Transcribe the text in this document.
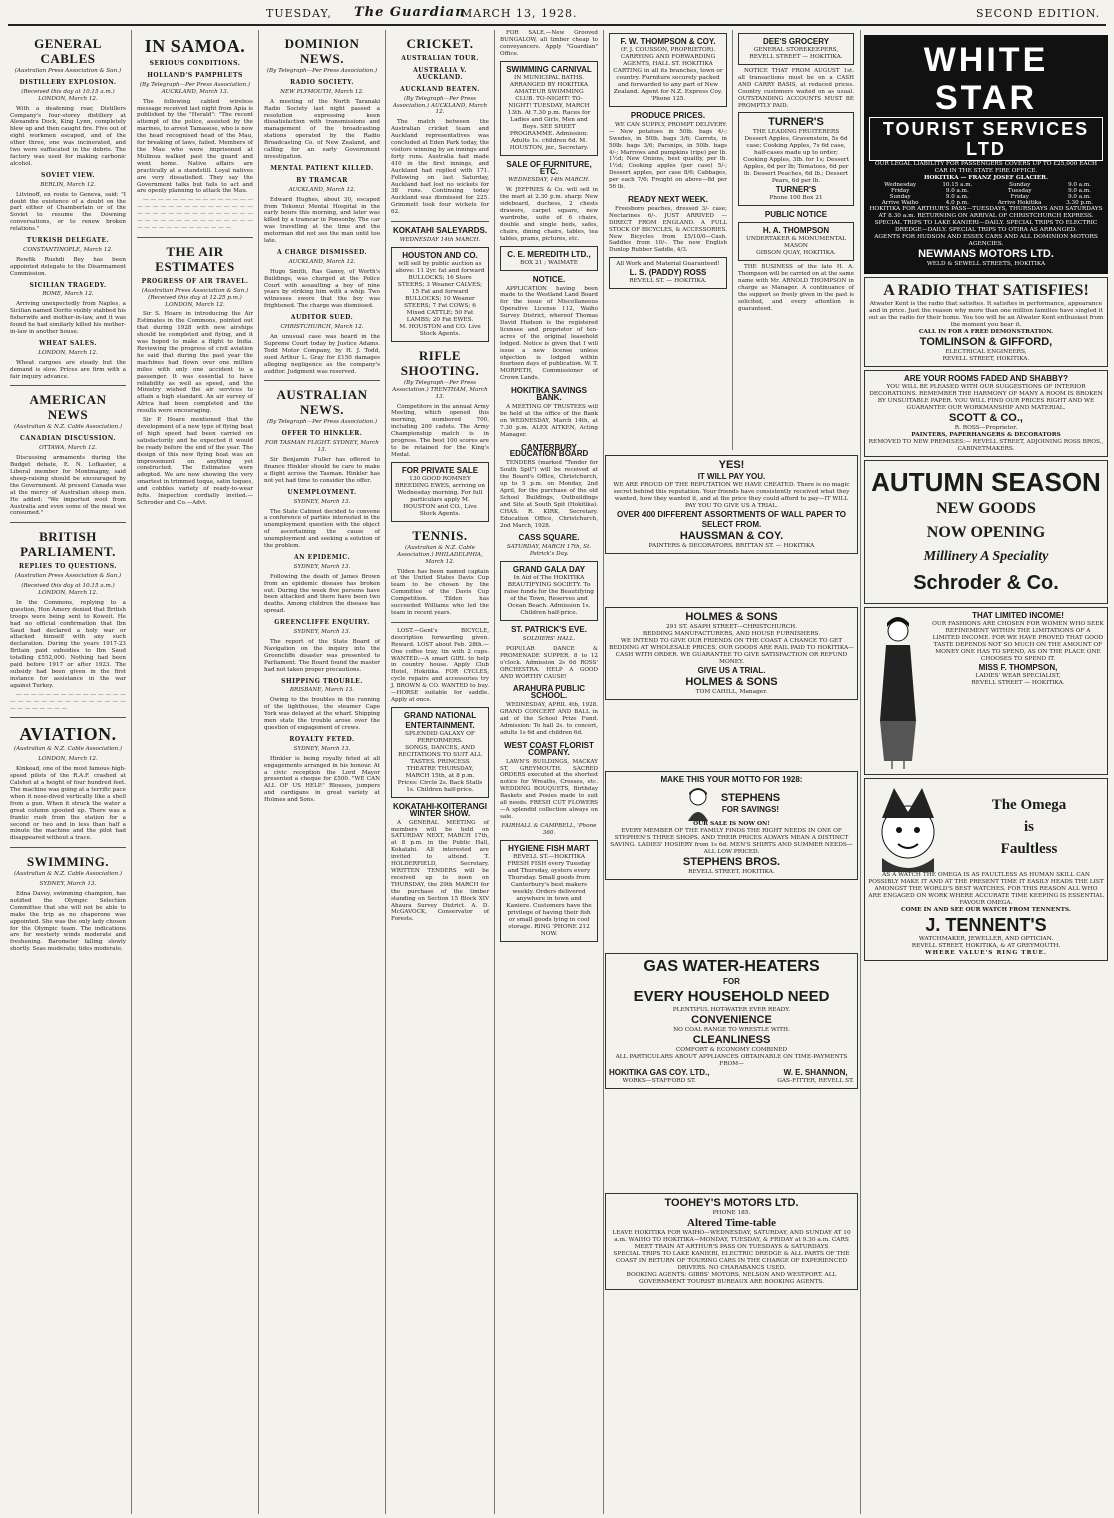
TUESDAY, The Guardian
MARCH 13, 1928.	SECOND EDITION.
GENERAL CABLES
(Australian Press Association & Sun.)
DISTILLERY EXPLOSION.
(Received this day at 10.15 a.m.) LONDON, March 12.

With a deafening roar, Distillers Company's four-storey distillery at Alexandra Dock, King Lynn, completely blew up and then caught fire. Five out of eight workmen escaped, and of the other three, one was incinerated, and two were suffocated in the debris. The factory was used for making carbonic alcohol.

SOVIET VIEW.
BERLIN, March 12.

Litvinoff, en route to Geneva, said: "I doubt the existence of a doubt on the part either of Chamberlain or of the Soviet to resume the Downing conversations, or to renew broken relations."

TURKISH DELEGATE.
CONSTANTINOPLE, March 12.

Rewfik Rushdi Bey has been appointed delegate to the Disarmament Commission.

SICILIAN TRAGEDY.
ROME, March 12.

Arriving unexpectedly from Naples, a Sicilian named Dorito visibly stabbed his fisherwife and mother-in-law, and it was found he had similarly killed his mother-in-law in another house.

WHEAT SALES.
LONDON, March 12.

Wheat cargoes are steady but the demand is slow. Prices are firm with a fair inquiry advance.

AMERICAN NEWS
(Australian & N.Z. Cable Association.)
CANADIAN DISCUSSION.
OTTAWA, March 12.

Discussing armaments during the Budget debate, E. N. Lofkaster, a Liberal member for Montmagny, said sheep-raising should be encouraged by the Government. At present Canada was at the mercy of Australian sheep men. He added: "We imported wool from Australia and even some of the meat we consumed."

BRITISH PARLIAMENT.
REPLIES TO QUESTIONS.
(Australian Press Association & Sun.)
(Received this day at 10.15 a.m.) LONDON, March 12.

In the Commons, replying to a question, Hon Amery denied that British troops were being sent to Koweit. He had no official confirmation that Ibn Saud had declared a holy war or attacked himself with any such declaration. During the years 1917-23 Britain paid subsidies to Ibn Saud totalling £552,000. Nothing had been paid before 1917 or after 1923. The subsidy had been given in the first instance for assistance in the war against Turkey.

— — — — — — — — — — — — — — — — — — — — — — — — — — — — — — — — — — — — — —

AVIATION.
(Australian & N.Z. Cable Association.)
LONDON, March 12.

Kinkead, one of the most famous high-speed pilots of the R.A.F. crashed at Calshot at a height of four hundred feet. The machine was going at a terrific pace when it nose-dived vertically like a shell from a gun. When it struck the water a great column spouted up. There was a frantic rush from the station for a second or two and in less than half a minute the machine and the pilot had disappeared without a trace.

SWIMMING.
(Australian & N.Z. Cable Association.)
SYDNEY, March 13.

Edna Davey, swimming champion, has notified the Olympic Selection Committee that she will not be able to make the trip as no chaperone was appointed. She was the only lady chosen for the Olympic team. The indications are for westerly winds moderate and freshening. Barometer falling slowly shortly. Seas moderate; tides moderate.

IN SAMOA.
SERIOUS CONDITIONS.
HOLLAND'S PAMPHLETS
(By Telegraph—Per Press Association.) AUCKLAND, March 13.

The following cabled wireless message received last night from Apia is published by the "Herald": "The recent attempt of the police, assisted by the marines, to arrest Tamasese, who is now the head recognised head of the Mau, for breaking of laws, failed. Members of the Mau who were imprisoned at Mulinuu walked past the guard and went home. Native affairs are practically at a standstill. Loyal natives are very dissatisfied. They say the Government talks but fails to act and are openly planning to attack the Mau.

— — — — — — — — — — — — — — — — — — — — — — — — — — — — — — — — — — — — — — — — — — — — — — — — — — — — — — — — — — — — — — — — — — — — — — — — —

THE AIR ESTIMATES
PROGRESS OF AIR TRAVEL.
(Australian Press Association & Sun.) (Received this day at 12.25 p.m.) LONDON, March 12.

Sir S. Hoare in introducing the Air Estimates in the Commons, pointed out that during 1928 with new airships should be completed and flying, and it was hoped to make a flight to India. Reviewing the progress of civil aviation he said that during the past year the machines had flown over one million miles with only one accident to a passenger. It was essential to have reliability as well as speed, and the Ministry wished the air services to attain a high standard. An air survey of Africa had been completed and the results were encouraging.

Sir P. Hoare mentioned that the development of a new type of flying boat of high speed had been carried on satisfactorily and he expected it would be ready before the end of the year. The design of this new flying boat was an improvement on anything yet constructed. The Estimates were adopted. We are now showing the very smartest in trimmed toque, satin toques, and cobbles variety of ready-to-wear felts. Inspection cordially invited.—Schroder and Co.—Advt.

DOMINION NEWS.
(By Telegraph—Per Press Association.)
RADIO SOCIETY.
NEW PLYMOUTH, March 12.

A meeting of the North Taranaki Radio Society last night passed a resolution expressing keen dissatisfaction with transmissions and management of the broadcasting stations operated by the Radio Broadcasting Co. of New Zealand, and calling for an early Government investigation.

MENTAL PATIENT KILLED.
BY TRAMCAR
AUCKLAND, March 12.

Edward Hughes, about 30, escaped from Tokonui Mental Hospital in the early hours this morning, and later was killed by a tramcar in Ponsonby. The car was travelling at the time and the motorman did not see the man until too late.

A CHARGE DISMISSED.
AUCKLAND, March 12.

Hugo Smith, Ras Ganey, of Worth's Buildings, was charged at the Police Court with assaulting a boy of nine years by striking him with a whip. Two witnesses swore that the boy was frightened. The charge was dismissed.

AUDITOR SUED.
CHRISTCHURCH, March 12.

An unusual case was heard in the Supreme Court today by Justice Adams. Todd Motor Company, by H. J. Todd, sued Arthur L. Gray for £150 damages alleging negligence as the company's auditor. Judgment was reserved.

AUSTRALIAN NEWS.
(By Telegraph—Per Press Association.)
OFFER TO HINKLER.
FOR TASMAN FLIGHT. SYDNEY, March 13.

Sir Benjamin Fuller has offered to finance Hinkler should he care to make a flight across the Tasman. Hinkler has not yet had time to consider the offer.

UNEMPLOYMENT.
SYDNEY, March 13.

The State Cabinet decided to convene a conference of parties interested in the unemployment question with the object of ascertaining the cause of unemployment and seeking a solution of the problem.

AN EPIDEMIC.
SYDNEY, March 13.

Following the death of James Brown from an epidemic disease has broken out. During the week five persons have been attacked and there have been two deaths. Among children the disease has spread.

GREENCLIFFE ENQUIRY.
SYDNEY, March 13.

The report of the State Board of Navigation on the inquiry into the Greencliffe disaster was presented to Parliament. The Board found the master had not taken proper precautions.

SHIPPING TROUBLE.
BRISBANE, March 13.

Owing to the troubles in the running of the lighthouse, the steamer Cape York was delayed at the wharf. Shipping men state the trouble arose over the question of engagement of crews.

ROYALTY FETED.
SYDNEY, March 13.

Hinkler is being royally feted at all engagements arranged in his honour. At a civic reception the Lord Mayor presented a cheque for £500. "WE CAN ALL OF US HELP." Blouses, jumpers and cardigans in great variety at Holmes and Sons.

CRICKET.
AUSTRALIAN TOUR.
AUSTRALIA V. AUCKLAND.
AUCKLAND BEATEN.
(By Telegraph—Per Press Association.) AUCKLAND, March 12.

The match between the Australian cricket team and Auckland representatives was concluded at Eden Park today, the visitors winning by an innings and forty runs. Australia had made 410 in the first innings, and Auckland had replied with 171. Following on last Saturday, Auckland had lost no wickets for 38 runs. Continuing today Auckland was dismissed for 225. Grimmett took four wickets for 62.

KOKATAHI SALEYARDS.
WEDNESDAY 14th MARCH.
HOUSTON AND CO.
will sell by public auction as above: 11 2yr. fat and forward BULLOCKS; 16 Store STEERS; 3 Weaner CALVES; 15 Fat and forward BULLOCKS; 10 Weaner STEERS; 7 Fat COWS; 6 Mixed CATTLE; 50 Fat LAMBS; 20 Fat EWES.
M. HOUSTON and CO. Live Stock Agents.
RIFLE SHOOTING.
(By Telegraph—Per Press Association.) TRENTHAM, March 13.

Competitors in the annual Army Meeting, which opened this morning, numbered 700, including 200 cadets. The Army Championship match is in progress. The best 100 scores are to be retained for the King's Medal.

FOR PRIVATE SALE
130 GOOD ROMNEY BREEDING EWES, arriving on Wednesday morning. For full particulars apply M. HOUSTON and CO., Live Stock Agents.
TENNIS.
(Australian & N.Z. Cable Association.) PHILADELPHIA, March 12.

Tilden has been named captain of the United States Davis Cup team to be chosen by the Committee of the Davis Cup Competition. Tilden has succeeded Williams who led the team in recent years.

LOST.—Gent's BICYCLE, description forwarding given. Reward. LOST about Feb. 28th.—One coffee tray, tin with 2 cups. WANTED.—A smart GIRL to help in country house. Apply Club Hotel, Hokitika. FOR CYCLES, cycle repairs and accessories try J. BROWN & CO. WANTED to buy.—HORSE suitable for saddle. Apply at once.

GRAND NATIONAL ENTERTAINMENT.
SPLENDID GALAXY OF PERFORMERS.
SONGS, DANCES, AND RECITATIONS TO SUIT ALL TASTES. PRINCESS THEATRE THURSDAY, MARCH 15th, at 8 p.m. Prices: Circle 2s. Back Stalls 1s. Children half-price.
KOKATAHI-KOITERANGI WINTER SHOW.

A GENERAL MEETING of members will be held on SATURDAY NEXT, MARCH 17th, at 8 p.m. in the Public Hall, Kokatahi. All interested are invited to attend. T. HOLDERFIELD, Secretary. WRITTEN TENDERS will be received up to noon on THURSDAY, the 29th MARCH for the purchase of the timber standing on Section 15 Block XIV Ahaura Survey District. A. D. McGAVOCK, Conservator of Forests.

FOR SALE.—New Grooved BUNGALOW, all timber cheap to conveyancers. Apply "Guardian" Office.

SWIMMING CARNIVAL
IN MUNICIPAL BATHS.
ARRANGED BY HOKITIKA AMATEUR SWIMMING CLUB. TO-NIGHT! TO-NIGHT! TUESDAY, MARCH 13th. At 7.30 p.m. Races for Ladies and Girls, Men and Boys. SEE SHEET PROGRAMME. Admission: Adults 1s. children 6d. M. HOUSTON, jnr., Secretary.
SALE OF FURNITURE, ETC.
WEDNESDAY, 14th MARCH.

W. JEFFRIES & Co. will sell in the mart at 2.30 p.m. sharp: New sideboard, duchess, 2 chests drawers, carpet square, new wardrobe, suite of 6 chairs, double and single beds, safes, chairs, dining chairs, tables, tea tables, prams, pictures, etc.

C. E. MEREDITH LTD.,
BOX 21 ; WAIMATE
NOTICE.

APPLICATION having been made to the Westland Land Board for the issue of Miscellaneous Operative License 112, Waiho Survey District, whereof Thomas David Hudson is the registered licensee and proprietor of ten-acres of the original leasehold lodged. Notice is given that I will issue a new license unless objection is lodged within fourteen days of publication. W. T. MORPETH, Commissioner of Crown Lands.

HOKITIKA SAVINGS BANK.

A MEETING OF TRUSTEES will be held at the office of the Bank on WEDNESDAY, March 14th, at 7.30 p.m. ALEX AITKEN, Acting Manager.

CANTERBURY EDUCATION BOARD

TENDERS (marked "Tender for South Spit") will be received at the Board's Office, Christchurch, up to 5 p.m. on Monday, 2nd April, for the purchase of the old School Buildings, Outbuildings and Site at South Spit (Hokitika). CHAS. R. KIRK, Secretary. Education Office, Christchurch, 2nd March, 1928.

CASS SQUARE.
SATURDAY, MARCH 17th, St. Patrick's Day.
GRAND GALA DAY
In Aid of The HOKITIKA BEAUTIFYING SOCIETY. To raise funds for the Beautifying of the Town, Reserves and Ocean Beach. Admission 1s. Children half-price.
ST. PATRICK'S EVE.
SOLDIERS' HALL.

POPULAR DANCE & PROMENADE SUPPER. 8 to 12 o'clock. Admission 2s 6d ROSS' ORCHESTRA. HELP A GOOD AND WORTHY CAUSE!

ARAHURA PUBLIC SCHOOL.

WEDNESDAY, APRIL 4th, 1928. GRAND CONCERT AND BALL in aid of the School Prize Fund. Admission: To hall 2s. to concert, adults 1s 6d and children 6d.

WEST COAST FLORIST COMPANY.

LAWN'S BUILDINGS, MACKAY ST, GREYMOUTH. SACRED ORDERS executed at the shortest notice for Wreaths, Crosses, etc. WEDDING BOUQUETS, Birthday Baskets and Posies made to suit all needs. FRESH CUT FLOWERS—A splendid collection always on sale.

FAIRHALL & CAMPBELL, 'Phone 360.
HYGIENE FISH MART
REVELL ST.—HOKITIKA
FRESH FISH every Tuesday and Thursday, oysters every Thursday. Small goods from Canterbury's best makers weekly. Orders delivered anywhere in town and Kaniere. Customers have the privilege of having their fish or small goods lying in cool storage. RING 'PHONE 212 NOW.
F. W. THOMPSON & COY.
(F. J. COUSSON, PROPRIETOR).
CARRYING AND FORWARDING AGENTS, HALL ST. HOKITIKA
CARTING in all its branches, town or country. Furniture securely packed and forwarded to any part of New Zealand. Agent for N.Z. Express Coy. 'Phone 125.
PRODUCE PRICES.

WE CAN SUPPLY, PROMPT DELIVERY:— New potatoes in 50lb. bags 4/-; Swedes, in 50lb. bags 3/6; Carrots, in 50lb. bags 3/6; Parsnips, in 50lb. bags 4/-; Marrows and pumpkins (ripe) per lb. 1½d; New Onions, best quality, per lb. 1½d; Cooking apples (per case) 5/-; Dessert apples, per case 8/6; Cabbages, per each 7/6; Freight on above—8d per 56 lb.

READY NEXT WEEK.

Freesboro peaches, dressed 3/- case; Nectarines 6/-. JUST ARRIVED — DIRECT FROM ENGLAND. A FULL STOCK OF BICYCLES, & ACCESSORIES. New Bicycles from £5/10/0—Cash. Saddles from 10/-. The new English Dunlop Rubber Saddle, 4/3.

All Work and Material Guaranteed!
L. S. (PADDY) ROSS
REVELL ST. — HOKITIKA.
DEE'S GROCERY
GENERAL STOREKEEPERS, REVELL STREET — HOKITIKA.

NOTICE THAT FROM AUGUST 1st. all transactions must be on a CASH AND CARRY BASIS, at reduced prices. Country customers waited on as usual. OUTSTANDING ACCOUNTS MUST BE PROMPTLY PAID.

TURNER'S
THE LEADING FRUITERERS
Dessert Apples, Gravenstein, 5s 6d case; Cooking Apples, 7s 6d case, half-cases made up to order; Cooking Apples, 3lb. for 1s; Dessert Apples, 6d per lb; Tomatoes, 6d per lb. Dessert Peaches, 6d lb.; Dessert Pears, 6d per lb.
TURNER'S
Phone 100 Box 21
PUBLIC NOTICE
H. A. THOMPSON
UNDERTAKER & MONUMENTAL MASON
GIBSON QUAY, HOKITIKA.

THE BUSINESS of the late H. A. Thompson will be carried on at the same name with Mr. ARNOLD THOMPSON in charge as Manager. A continuance of the support so freely given in the past is solicited, and every attention is guaranteed.

YES!
IT WILL PAY YOU.
WE ARE PROUD OF THE REPUTATION WE HAVE CREATED. There is no magic secret behind this reputation. Your friends have consistently received what they wanted, how they wanted it, and at the price they could afford to pay—IT WILL PAY YOU TO GIVE US A TRIAL.
OVER 400 DIFFERENT ASSORTMENTS OF WALL PAPER TO SELECT FROM.
HAUSSMAN & COY.
PAINTERS & DECORATORS. BRITTAN ST. — HOKITIKA
HOLMES & SONS
291 ST. ASAPH STREET—CHRISTCHURCH.
BEDDING MANUFACTURERS, AND HOUSE FURNISHERS.
WE INTEND TO GIVE OUR FRIENDS ON THE COAST A CHANCE TO GET BEDDING AT WHOLESALE PRICES. OUR GOODS ARE RAIL PAID TO HOKITIKA—CASH WITH ORDER. WE GUARANTEE TO GIVE SATISFACTION OR REFUND MONEY.
GIVE US A TRIAL.
HOLMES & SONS
TOM CAHILL, Manager.
MAKE THIS YOUR MOTTO FOR 1928:
STEPHENS
FOR SAVINGS!
OUR SALE IS NOW ON!
EVERY MEMBER OF THE FAMILY FINDS THE RIGHT NEEDS IN ONE OF STEPHEN'S THREE SHOPS. AND THEIR PRICES ALWAYS MEAN A DISTINCT SAVING. LADIES' HOSIERY from 1s 6d. MEN'S SHIRTS AND SUMMER NEEDS—ALL LOW PRICED.
STEPHENS BROS.
REVELL STREET, HOKITIKA.
GAS WATER-HEATERS
FOR
EVERY HOUSEHOLD NEED
PLENTIFUL HOT-WATER EVER READY.
CONVENIENCE
NO COAL RANGE TO WRESTLE WITH.
CLEANLINESS
COMFORT & ECONOMY COMBINED
ALL PARTICULARS ABOUT APPLIANCES OBTAINABLE ON TIME-PAYMENTS FROM—
HOKITIKA GAS COY. LTD.,
WORKS—STAFFORD ST.
W. E. SHANNON,
GAS-FITTER, REVELL ST.
TOOHEY'S MOTORS LTD.
PHONE 185.
Altered Time-table
LEAVE HOKITIKA FOR WAIHO—WEDNESDAY, SATURDAY, AND SUNDAY AT 10 a.m. WAIHO TO HOKITIKA—MONDAY, TUESDAY, & FRIDAY at 9.30 a.m. CARS MEET TRAIN AT ARTHUR'S PASS ON TUESDAYS & SATURDAYS
SPECIAL TRIPS TO LAKE KANIERI, ELECTRIC DREDGE & ALL PARTS OF THE COAST IN RETURN OF TOURING CARS IN THE CHARGE OF EXPERIENCED DRIVERS. NO CHARABANCS USED.
BOOKING AGENTS: GIBBS' MOTORS, NELSON AND WESTPORT. ALL GOVERNMENT TOURIST BUREAUX ARE BOOKING AGENTS.
WHITE STAR
TOURIST SERVICES LTD
OUR LEGAL LIABILITY FOR PASSENGERS COVERS UP TO £25,000 EACH CAR IN THE STATE FIRE OFFICE.
HOKITIKA — FRANZ JOSEF GLACIER.
Wednesday	10.15 a.m.	Sunday	9.0 a.m.
Friday	9.0 a.m.	Tuesday	9.0 a.m.
Sunday	9.0 a.m.	Friday	9.0 a.m.
Arrive Waiho	4.0 p.m.	Arrive Hokitika	3.30 p.m.
HOKITIKA FOR ARTHUR'S PASS—TUESDAYS, THURSDAYS AND SATURDAYS AT 8.30 a.m. RETURNING ON ARRIVAL OF CHRISTCHURCH EXPRESS.
SPECIAL TRIPS TO LAKE KANIERI—DAILY. SPECIAL TRIPS TO ELECTRIC DREDGE—DAILY. SPECIAL TRIPS TO OTIRA AS ARRANGED.
AGENTS FOR HUDSON AND ESSEX CARS AND ALL DOMINION MOTORS AGENCIES.
NEWMANS MOTORS LTD.
WELD & SEWELL STREETS, HOKITIKA
A RADIO THAT SATISFIES!
Atwater Kent is the radio that satisfies. It satisfies in performance, appearance and in price. Just the reason why more than one million families have singled it out as the radio for their home. You too will be an Atwater Kent enthusiast from the moment you hear it.
CALL IN FOR A FREE DEMONSTRATION.
TOMLINSON & GIFFORD,
ELECTRICAL ENGINEERS,
REVELL STREET, HOKITIKA.
ARE YOUR ROOMS FADED AND SHABBY?
YOU WILL BE PLEASED WITH OUR SUGGESTIONS OF INTERIOR DECORATIONS. REMEMBER THE HARMONY OF MANY A ROOM IS BROKEN BY UNSUITABLE PAPER. YOU WILL FIND OUR PRICES RIGHT AND WE GUARANTEE OUR WORKMANSHIP AND MATERIAL.
SCOTT & CO.,
R. ROSS—Proprietor.
PAINTERS, PAPERHANGERS & DECORATORS
REMOVED TO NEW PREMISES:— REVELL STREET, ADJOINING ROSS BROS., CABINETMAKERS.
AUTUMN SEASON
NEW GOODS
NOW OPENING
Millinery A Speciality
Schroder & Co.
THAT LIMITED INCOME!
OUR FASHIONS ARE CHOSEN FOR WOMEN WHO SEEK REFINEMENT WITHIN THE LIMITATIONS OF A LIMITED INCOME. FOR WE HAVE PROVED THAT GOOD TASTE DEPENDS NOT SO MUCH ON THE AMOUNT OF MONEY ONE HAS TO SPEND, AS ON THE PLACE ONE CHOOSES TO SPEND IT.
MISS F. THOMPSON,
LADIES' WEAR SPECIALIST,
REVELL STREET — HOKITIKA.
The Omega
is
Faultless
AS A WATCH THE OMEGA IS AS FAULTLESS AS HUMAN SKILL CAN POSSIBLY MAKE IT AND AT THE PRESENT TIME IT EASILY HEADS THE LIST AMONGST THE WORLD'S BEST WATCHES. FOR THIS REASON ALL WHO ARE ENGAGED ON WORK WHERE ACCURATE TIME KEEPING IS ESSENTIAL FAVOUR OMEGA.
COME IN AND SEE OUR WATCH FROM TENNENTS.
J. TENNENT'S
WATCHMAKER, JEWELLER, AND OPTICIAN.
REVELL STREET, HOKITIKA, & AT GREYMOUTH.
WHERE VALUE'S RING TRUE.
